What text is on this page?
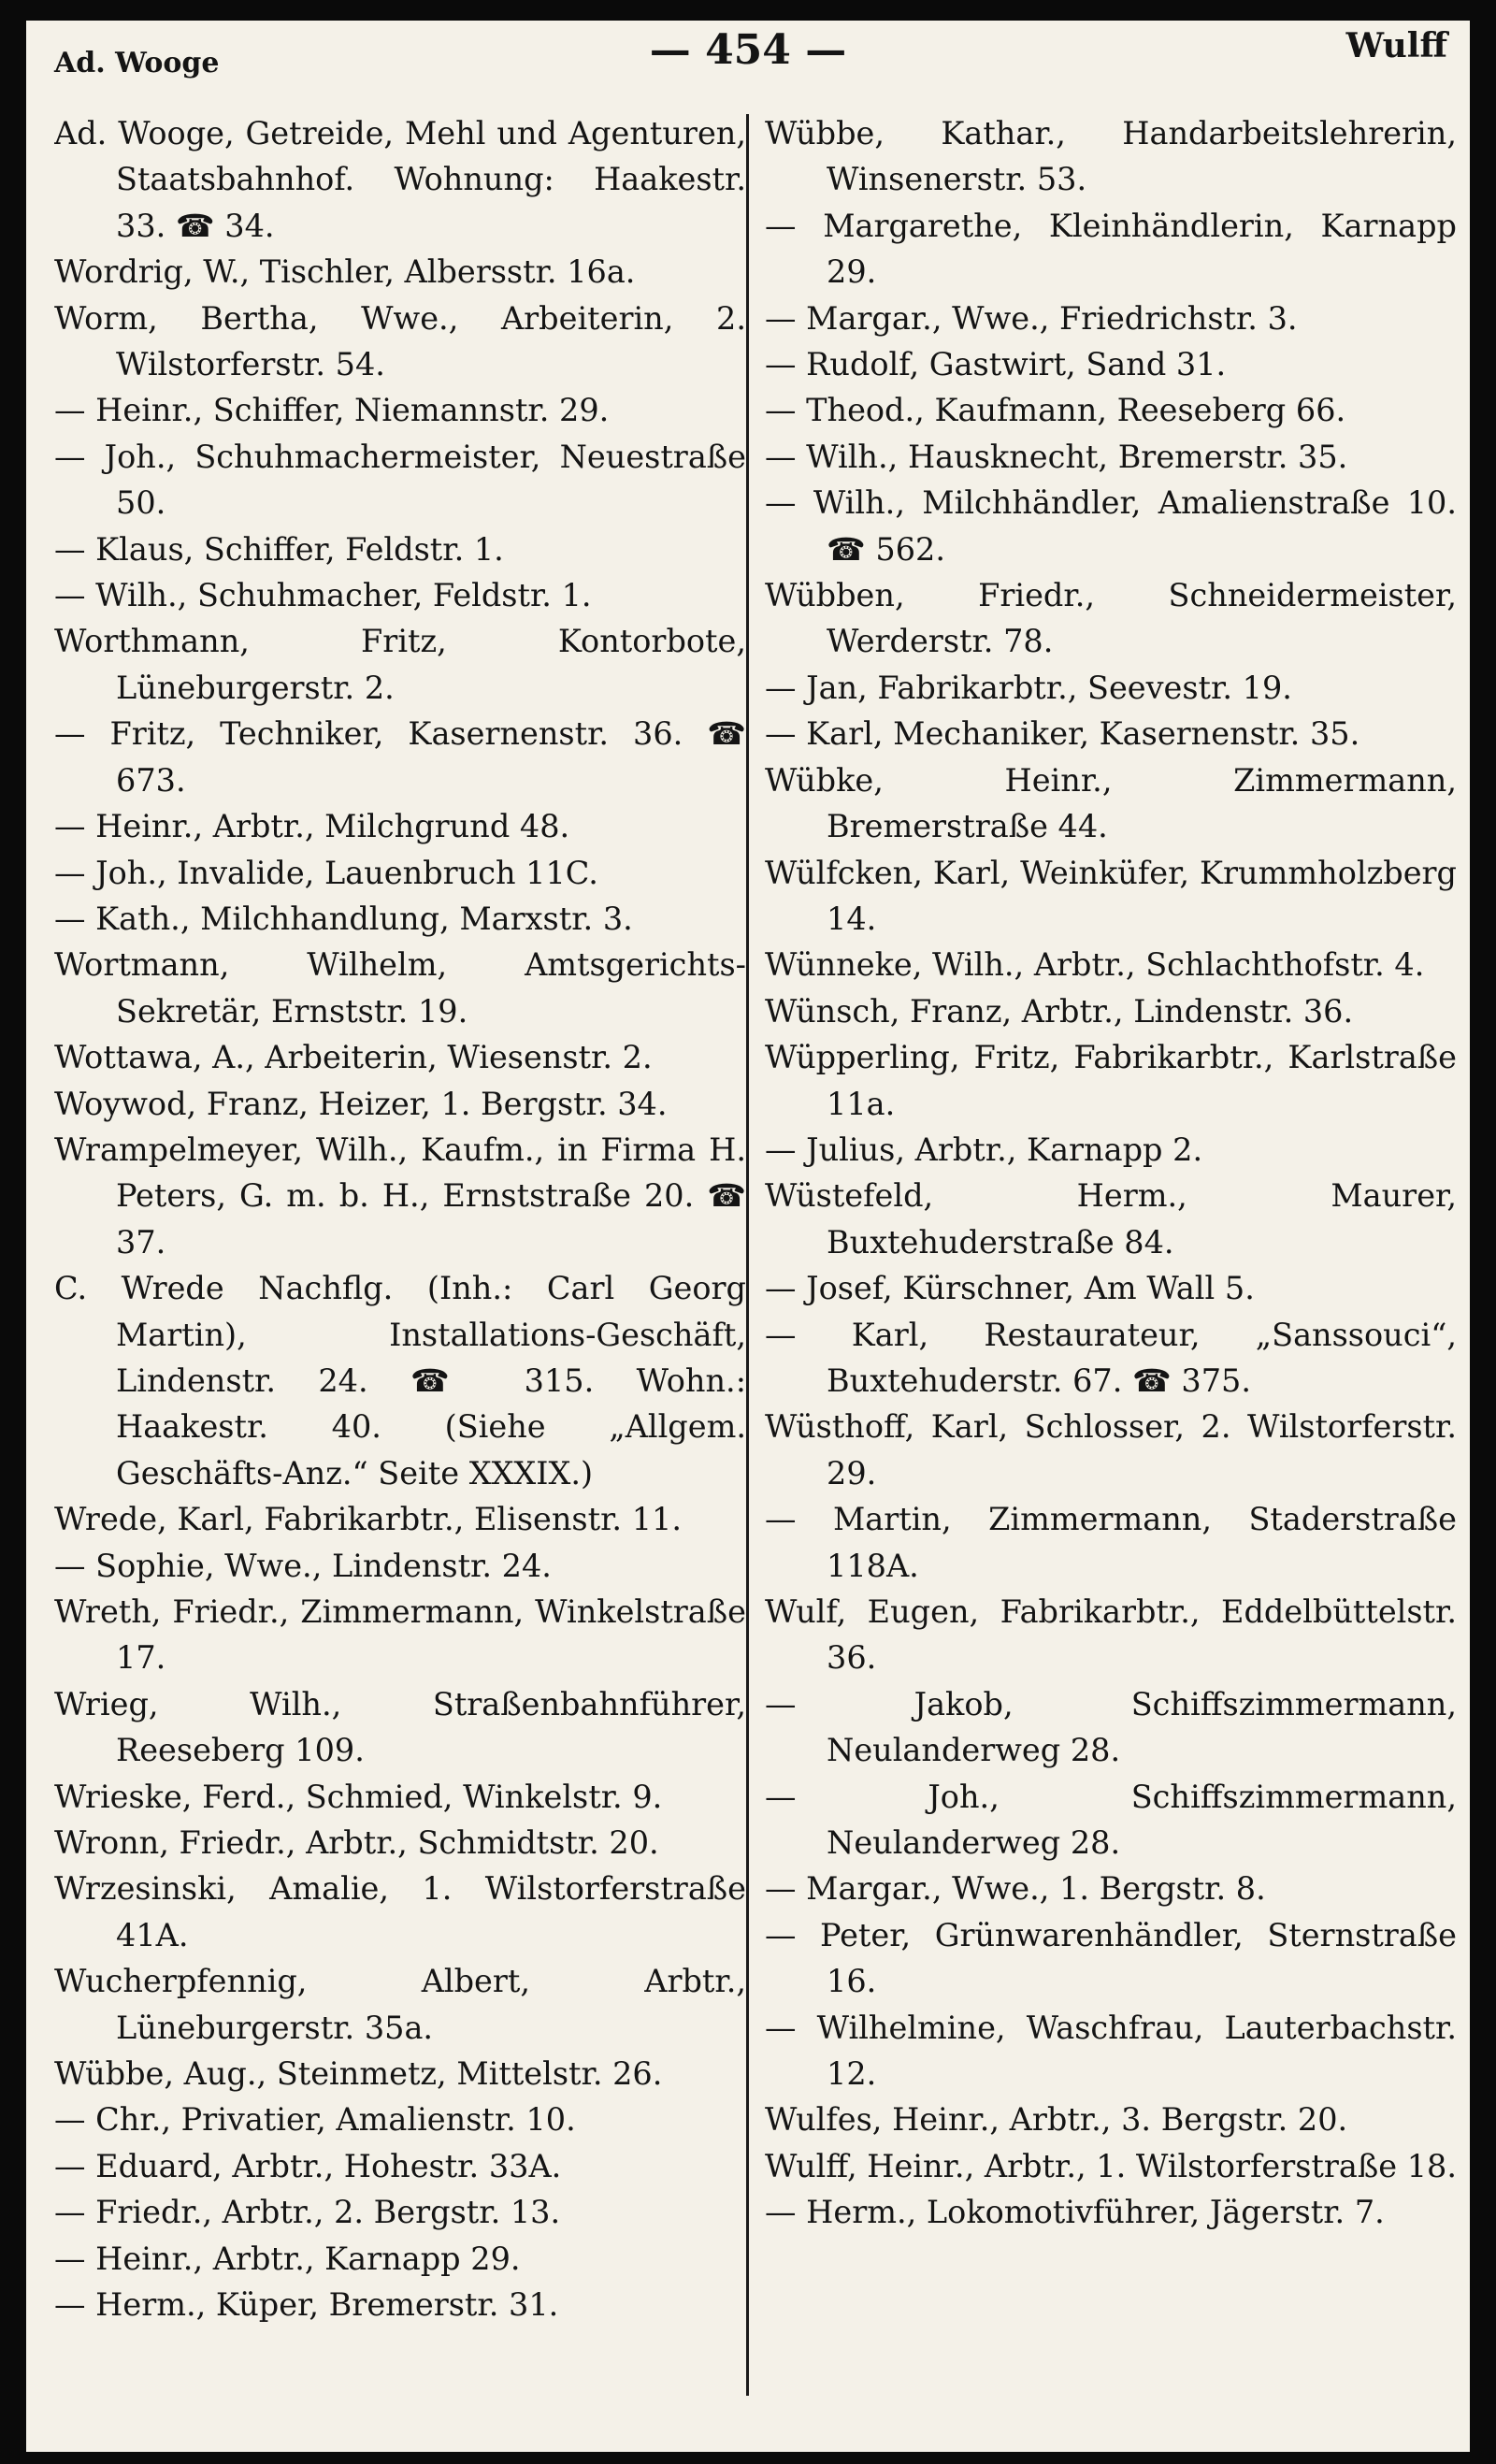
Ad. Wooge	— 454 —	Wulff
Ad. Wooge, Getreide, Mehl und Agenturen, Staatsbahnhof. Wohnung: Haakestr. 33. ☎ 34.
Wordrig, W., Tischler, Albersstr. 16a.
Worm, Bertha, Wwe., Arbeiterin, 2. Wilstorferstr. 54.
— Heinr., Schiffer, Niemannstr. 29.
— Joh., Schuhmachermeister, Neuestraße 50.
— Klaus, Schiffer, Feldstr. 1.
— Wilh., Schuhmacher, Feldstr. 1.
Worthmann, Fritz, Kontorbote, Lüneburgerstr. 2.
— Fritz, Techniker, Kasernenstr. 36. ☎ 673.
— Heinr., Arbtr., Milchgrund 48.
— Joh., Invalide, Lauenbruch 11C.
— Kath., Milchhandlung, Marxstr. 3.
Wortmann, Wilhelm, Amtsgerichts-Sekretär, Ernststr. 19.
Wottawa, A., Arbeiterin, Wiesenstr. 2.
Woywod, Franz, Heizer, 1. Bergstr. 34.
Wrampelmeyer, Wilh., Kaufm., in Firma H. Peters, G. m. b. H., Ernststraße 20. ☎ 37.
C. Wrede Nachflg. (Inh.: Carl Georg Martin), Installations-Geschäft, Lindenstr. 24. ☎ 315. Wohn.: Haakestr. 40. (Siehe „Allgem. Geschäfts-Anz.“ Seite XXXIX.)
Wrede, Karl, Fabrikarbtr., Elisenstr. 11.
— Sophie, Wwe., Lindenstr. 24.
Wreth, Friedr., Zimmermann, Winkelstraße 17.
Wrieg, Wilh., Straßenbahnführer, Reeseberg 109.
Wrieske, Ferd., Schmied, Winkelstr. 9.
Wronn, Friedr., Arbtr., Schmidtstr. 20.
Wrzesinski, Amalie, 1. Wilstorferstraße 41A.
Wucherpfennig, Albert, Arbtr., Lüneburgerstr. 35a.
Wübbe, Aug., Steinmetz, Mittelstr. 26.
— Chr., Privatier, Amalienstr. 10.
— Eduard, Arbtr., Hohestr. 33A.
— Friedr., Arbtr., 2. Bergstr. 13.
— Heinr., Arbtr., Karnapp 29.
— Herm., Küper, Bremerstr. 31.
Wübbe, Kathar., Handarbeitslehrerin, Winsenerstr. 53.
— Margarethe, Kleinhändlerin, Karnapp 29.
— Margar., Wwe., Friedrichstr. 3.
— Rudolf, Gastwirt, Sand 31.
— Theod., Kaufmann, Reeseberg 66.
— Wilh., Hausknecht, Bremerstr. 35.
— Wilh., Milchhändler, Amalienstraße 10. ☎ 562.
Wübben, Friedr., Schneidermeister, Werderstr. 78.
— Jan, Fabrikarbtr., Seevestr. 19.
— Karl, Mechaniker, Kasernenstr. 35.
Wübke, Heinr., Zimmermann, Bremerstraße 44.
Wülfcken, Karl, Weinküfer, Krummholzberg 14.
Wünneke, Wilh., Arbtr., Schlachthofstr. 4.
Wünsch, Franz, Arbtr., Lindenstr. 36.
Wüpperling, Fritz, Fabrikarbtr., Karlstraße 11a.
— Julius, Arbtr., Karnapp 2.
Wüstefeld, Herm., Maurer, Buxtehuderstraße 84.
— Josef, Kürschner, Am Wall 5.
— Karl, Restaurateur, „Sanssouci“, Buxtehuderstr. 67. ☎ 375.
Wüsthoff, Karl, Schlosser, 2. Wilstorferstr. 29.
— Martin, Zimmermann, Staderstraße 118A.
Wulf, Eugen, Fabrikarbtr., Eddelbüttelstr. 36.
— Jakob, Schiffszimmermann, Neulanderweg 28.
— Joh., Schiffszimmermann, Neulanderweg 28.
— Margar., Wwe., 1. Bergstr. 8.
— Peter, Grünwarenhändler, Sternstraße 16.
— Wilhelmine, Waschfrau, Lauterbachstr. 12.
Wulfes, Heinr., Arbtr., 3. Bergstr. 20.
Wulff, Heinr., Arbtr., 1. Wilstorferstraße 18.
— Herm., Lokomotivführer, Jägerstr. 7.
